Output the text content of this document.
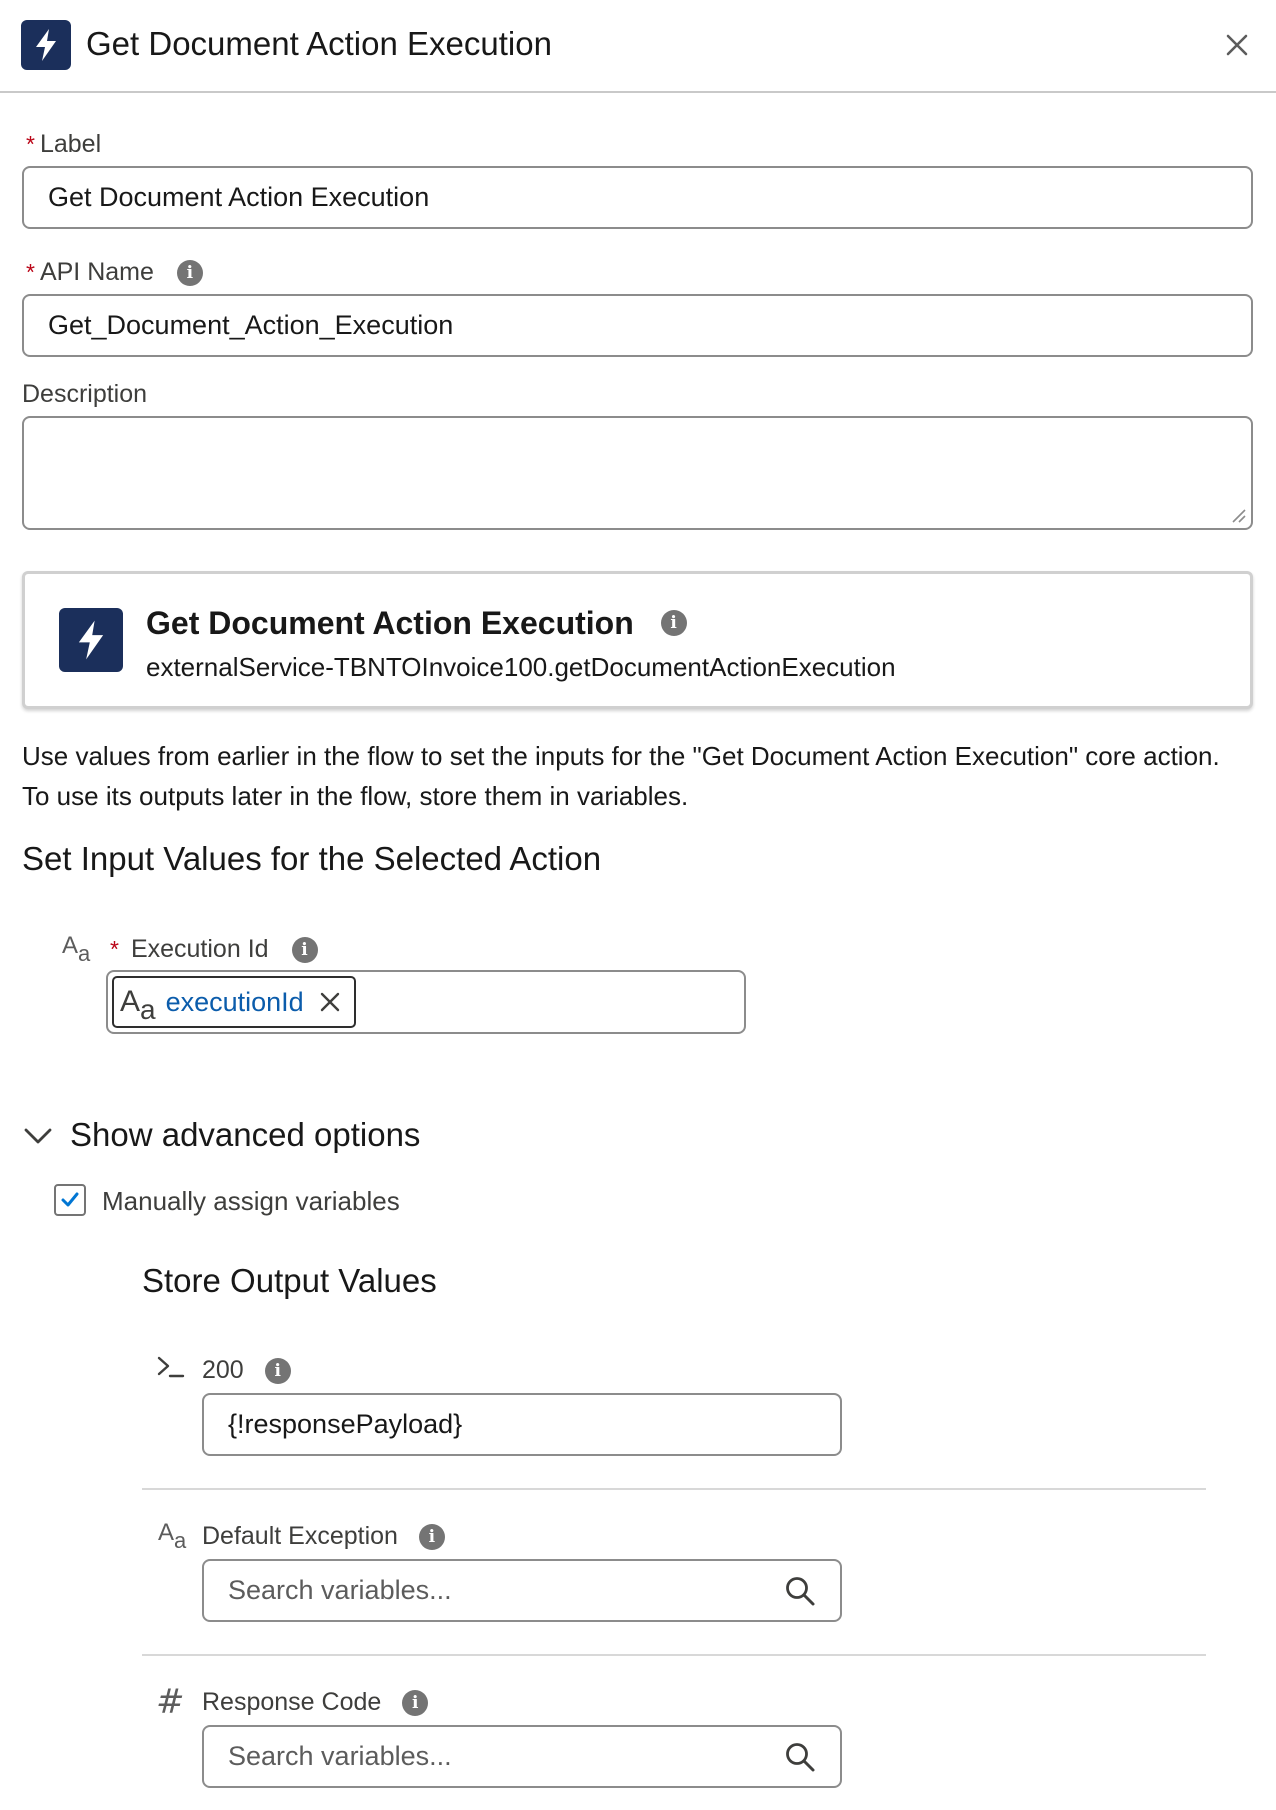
Get Document Action Execution
* Label
Get Document Action Execution
* API Name i
Get_Document_Action_Execution
Description
Get Document Action Execution i
externalService-TBNTOInvoice100.getDocumentActionExecution
Use values from earlier in the flow to set the inputs for the "Get Document Action Execution" core action. To use its outputs later in the flow, store them in variables.
Set Input Values for the Selected Action
Aa * Execution Id i
Aa executionId
Show advanced options
Manually assign variables
Store Output Values
200 i
{!responsePayload}
Aa Default Exception i
Search variables...
# Response Code i
Search variables...
